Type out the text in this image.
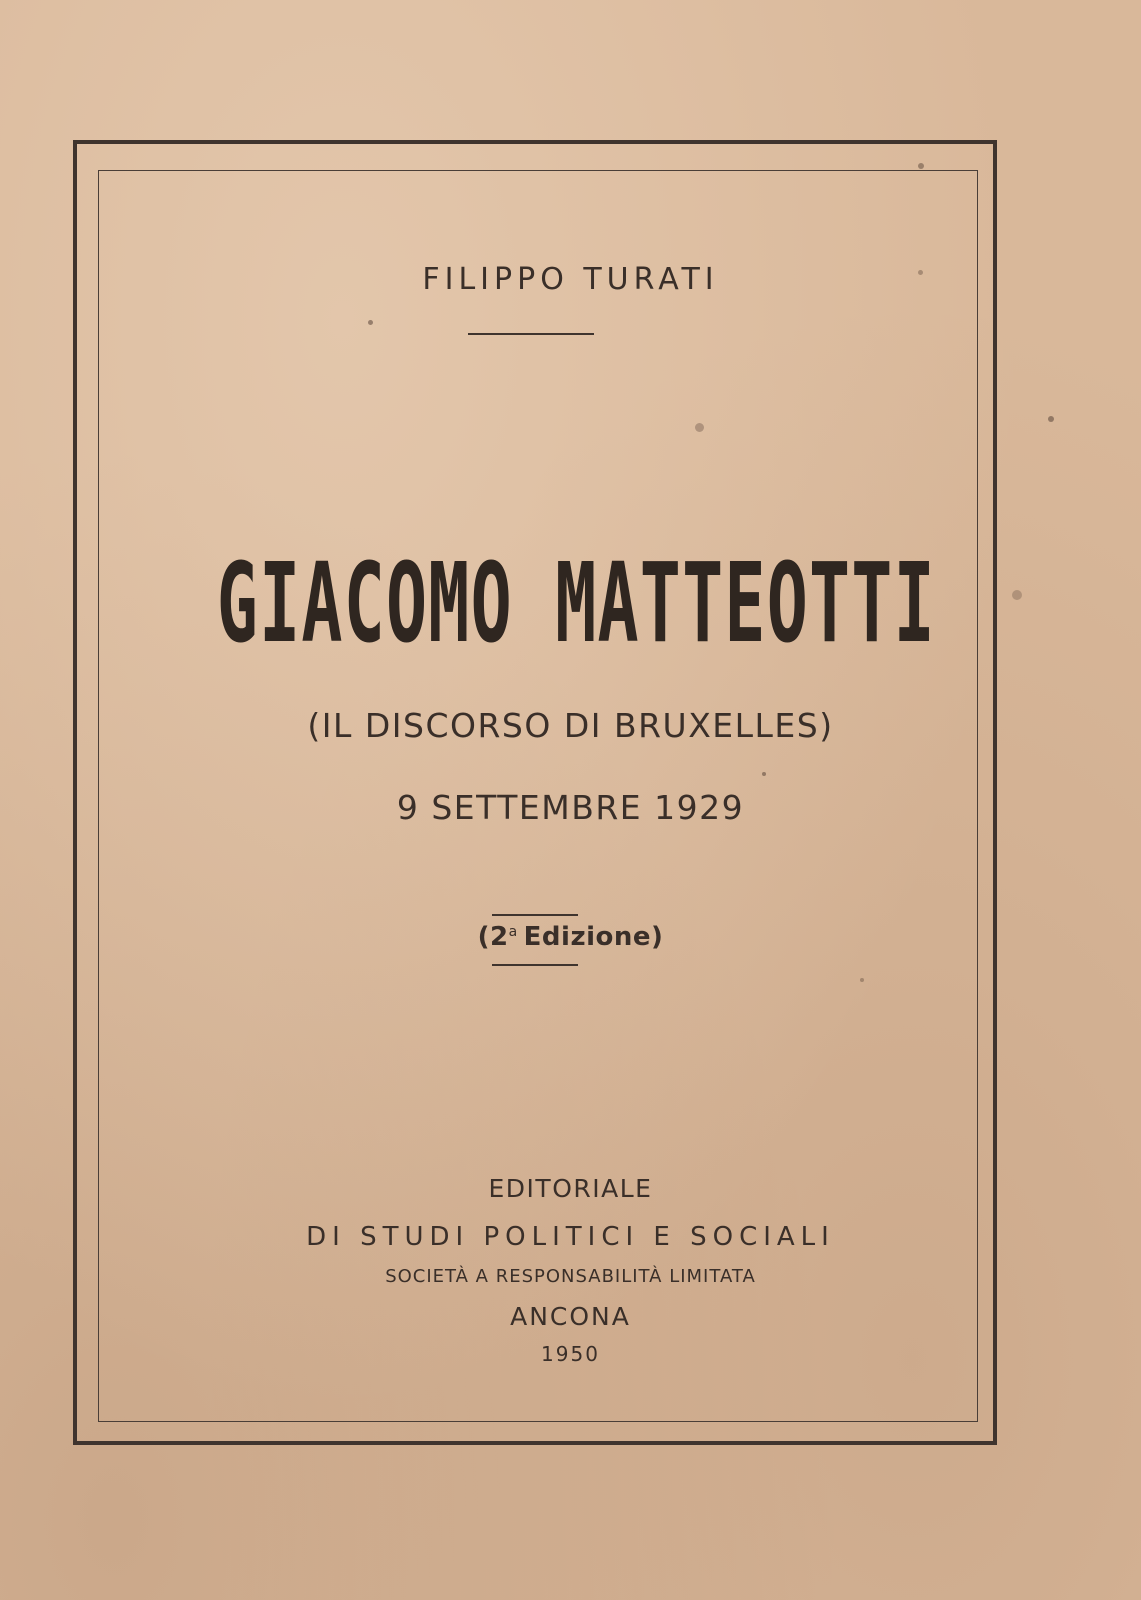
FILIPPO TURATI
GIACOMO MATTEOTTI
(IL DISCORSO DI BRUXELLES)
9 SETTEMBRE 1929
(2$^a$ Edizione)
EDITORIALE
DI STUDI POLITICI E SOCIALI
SOCIETÀ A RESPONSABILITÀ LIMITATA
ANCONA
1950
